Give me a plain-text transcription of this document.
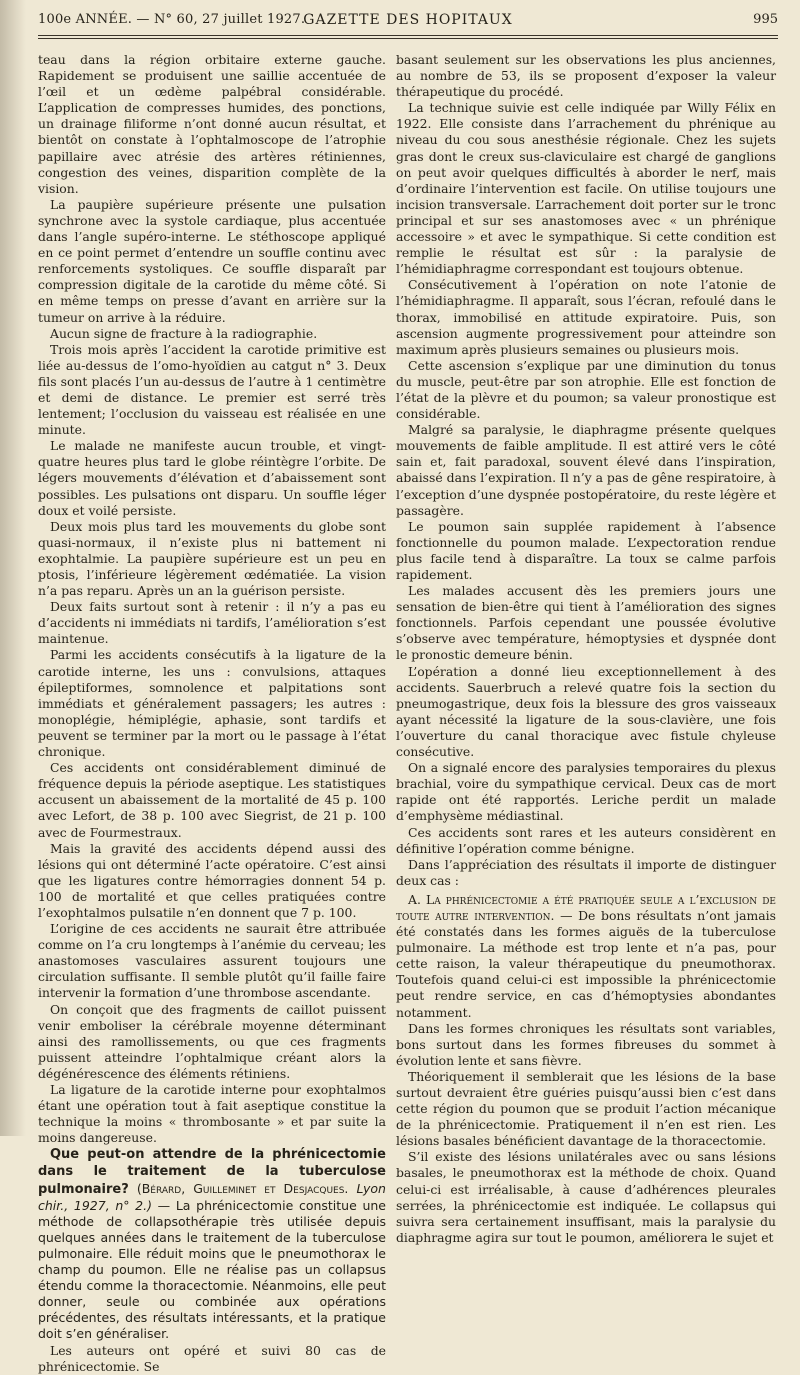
100e ANNÉE. — N° 60, 27 juillet 1927.
GAZETTE DES HOPITAUX	995

teau dans la région orbitaire externe gauche. Rapidement se produisent une saillie accentuée de l’œil et un œdème palpébral considérable. L’application de compresses humides, des ponctions, un drainage filiforme n’ont donné aucun résultat, et bientôt on constate à l’ophtalmoscope de l’atrophie papillaire avec atrésie des artères rétiniennes, congestion des veines, disparition complète de la vision.

La paupière supérieure présente une pulsation synchrone avec la systole cardiaque, plus accentuée dans l’angle supéro-interne. Le stéthoscope appliqué en ce point permet d’entendre un souffle continu avec renforcements systoliques. Ce souffle disparaît par compression digitale de la carotide du même côté. Si en même temps on presse d’avant en arrière sur la tumeur on arrive à la réduire.

Aucun signe de fracture à la radiographie.

Trois mois après l’accident la carotide primitive est liée au-dessus de l’omo-hyoïdien au catgut n° 3. Deux fils sont placés l’un au-dessus de l’autre à 1 centimètre et demi de distance. Le premier est serré très lentement; l’occlusion du vaisseau est réalisée en une minute.

Le malade ne manifeste aucun trouble, et vingt-quatre heures plus tard le globe réintègre l’orbite. De légers mouvements d’élévation et d’abaissement sont possibles. Les pulsations ont disparu. Un souffle léger doux et voilé persiste.

Deux mois plus tard les mouvements du globe sont quasi-normaux, il n’existe plus ni battement ni exophtalmie. La paupière supérieure est un peu en ptosis, l’inférieure légèrement œdématiée. La vision n’a pas reparu. Après un an la guérison persiste.

Deux faits surtout sont à retenir : il n’y a pas eu d’accidents ni immédiats ni tardifs, l’amélioration s’est maintenue.

Parmi les accidents consécutifs à la ligature de la carotide interne, les uns : convulsions, attaques épileptiformes, somnolence et palpitations sont immédiats et généralement passagers; les autres : monoplégie, hémiplégie, aphasie, sont tardifs et peuvent se terminer par la mort ou le passage à l’état chronique.

Ces accidents ont considérablement diminué de fréquence depuis la période aseptique. Les statistiques accusent un abaissement de la mortalité de 45 p. 100 avec Lefort, de 38 p. 100 avec Siegrist, de 21 p. 100 avec de Fourmestraux.

Mais la gravité des accidents dépend aussi des lésions qui ont déterminé l’acte opératoire. C’est ainsi que les ligatures contre hémorragies donnent 54 p. 100 de mortalité et que celles pratiquées contre l’exophtalmos pulsatile n’en donnent que 7 p. 100.

L’origine de ces accidents ne saurait être attribuée comme on l’a cru longtemps à l’anémie du cerveau; les anastomoses vasculaires assurent toujours une circulation suffisante. Il semble plutôt qu’il faille faire intervenir la formation d’une thrombose ascendante.

On conçoit que des fragments de caillot puissent venir emboliser la cérébrale moyenne déterminant ainsi des ramollissements, ou que ces fragments puissent atteindre l’ophtalmique créant alors la dégénérescence des éléments rétiniens.

La ligature de la carotide interne pour exophtalmos étant une opération tout à fait aseptique constitue la technique la moins « thrombosante » et par suite la moins dangereuse.

Que peut-on attendre de la phrénicectomie dans le traitement de la tuberculose pulmonaire? (Bérard, Guilleminet et Desjacques. Lyon chir., 1927, n° 2.) — La phrénicectomie constitue une méthode de collapsothérapie très utilisée depuis quelques années dans le traitement de la tuberculose pulmonaire. Elle réduit moins que le pneumothorax le champ du poumon. Elle ne réalise pas un collapsus étendu comme la thoracectomie. Néanmoins, elle peut donner, seule ou combinée aux opérations précédentes, des résultats intéressants, et la pratique doit s’en généraliser.

Les auteurs ont opéré et suivi 80 cas de phrénicectomie. Se

basant seulement sur les observations les plus anciennes, au nombre de 53, ils se proposent d’exposer la valeur thérapeutique du procédé.

La technique suivie est celle indiquée par Willy Félix en 1922. Elle consiste dans l’arrachement du phrénique au niveau du cou sous anesthésie régionale. Chez les sujets gras dont le creux sus-claviculaire est chargé de ganglions on peut avoir quelques difficultés à aborder le nerf, mais d’ordinaire l’intervention est facile. On utilise toujours une incision transversale. L’arrachement doit porter sur le tronc principal et sur ses anastomoses avec « un phrénique accessoire » et avec le sympathique. Si cette condition est remplie le résultat est sûr : la paralysie de l’hémidiaphragme correspondant est toujours obtenue.

Consécutivement à l’opération on note l’atonie de l’hémidiaphragme. Il apparaît, sous l’écran, refoulé dans le thorax, immobilisé en attitude expiratoire. Puis, son ascension augmente progressivement pour atteindre son maximum après plusieurs semaines ou plusieurs mois.

Cette ascension s’explique par une diminution du tonus du muscle, peut-être par son atrophie. Elle est fonction de l’état de la plèvre et du poumon; sa valeur pronostique est considérable.

Malgré sa paralysie, le diaphragme présente quelques mouvements de faible amplitude. Il est attiré vers le côté sain et, fait paradoxal, souvent élevé dans l’inspiration, abaissé dans l’expiration. Il n’y a pas de gêne respiratoire, à l’exception d’une dyspnée postopératoire, du reste légère et passagère.

Le poumon sain supplée rapidement à l’absence fonctionnelle du poumon malade. L’expectoration rendue plus facile tend à disparaître. La toux se calme parfois rapidement.

Les malades accusent dès les premiers jours une sensation de bien-être qui tient à l’amélioration des signes fonctionnels. Parfois cependant une poussée évolutive s’observe avec température, hémoptysies et dyspnée dont le pronostic demeure bénin.

L’opération a donné lieu exceptionnellement à des accidents. Sauerbruch a relevé quatre fois la section du pneumogastrique, deux fois la blessure des gros vaisseaux ayant nécessité la ligature de la sous-clavière, une fois l’ouverture du canal thoracique avec fistule chyleuse consécutive.

On a signalé encore des paralysies temporaires du plexus brachial, voire du sympathique cervical. Deux cas de mort rapide ont été rapportés. Leriche perdit un malade d’emphysème médiastinal.

Ces accidents sont rares et les auteurs considèrent en définitive l’opération comme bénigne.

Dans l’appréciation des résultats il importe de distinguer deux cas :

A. La phrénicectomie a été pratiquée seule a l’exclusion de toute autre intervention. — De bons résultats n’ont jamais été constatés dans les formes aiguës de la tuberculose pulmonaire. La méthode est trop lente et n’a pas, pour cette raison, la valeur thérapeutique du pneumothorax. Toutefois quand celui-ci est impossible la phrénicectomie peut rendre service, en cas d’hémoptysies abondantes notamment.

Dans les formes chroniques les résultats sont variables, bons surtout dans les formes fibreuses du sommet à évolution lente et sans fièvre.

Théoriquement il semblerait que les lésions de la base surtout devraient être guéries puisqu’aussi bien c’est dans cette région du poumon que se produit l’action mécanique de la phrénicectomie. Pratiquement il n’en est rien. Les lésions basales bénéficient davantage de la thoracectomie.

S’il existe des lésions unilatérales avec ou sans lésions basales, le pneumothorax est la méthode de choix. Quand celui-ci est irréalisable, à cause d’adhérences pleurales serrées, la phrénicectomie est indiquée. Le collapsus qui suivra sera certainement insuffisant, mais la paralysie du diaphragme agira sur tout le poumon, améliorera le sujet et
